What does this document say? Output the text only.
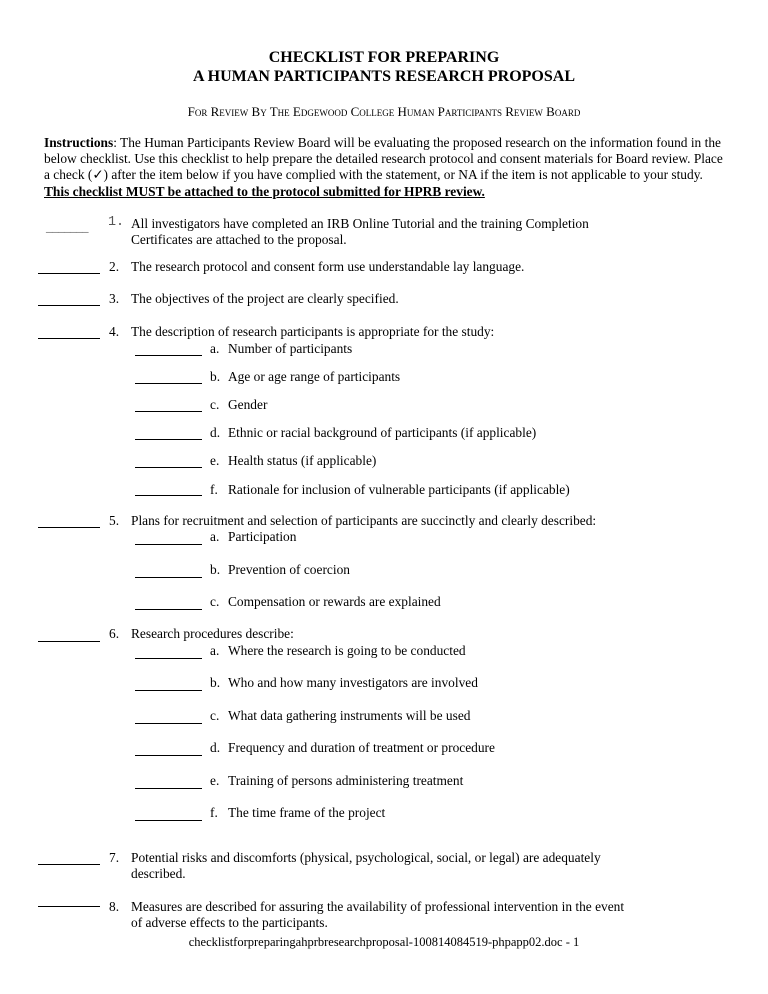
CHECKLIST FOR PREPARING
A HUMAN PARTICIPANTS RESEARCH PROPOSAL
For Review By The Edgewood College Human Participants Review Board
Instructions: The Human Participants Review Board will be evaluating the proposed research on the information found in the below checklist. Use this checklist to help prepare the detailed research protocol and consent materials for Board review. Place a check (✓) after the item below if you have complied with the statement, or NA if the item is not applicable to your study. This checklist MUST be attached to the protocol submitted for HPRB review.
_______ 1. All investigators have completed an IRB Online Tutorial and the training Completion Certificates are attached to the proposal.
2. The research protocol and consent form use understandable lay language.
3. The objectives of the project are clearly specified.
4. The description of research participants is appropriate for the study:
a. Number of participants
b. Age or age range of participants
c. Gender
d. Ethnic or racial background of participants (if applicable)
e. Health status (if applicable)
f. Rationale for inclusion of vulnerable participants (if applicable)
5. Plans for recruitment and selection of participants are succinctly and clearly described:
a. Participation
b. Prevention of coercion
c. Compensation or rewards are explained
6. Research procedures describe:
a. Where the research is going to be conducted
b. Who and how many investigators are involved
c. What data gathering instruments will be used
d. Frequency and duration of treatment or procedure
e. Training of persons administering treatment
f. The time frame of the project
7. Potential risks and discomforts (physical, psychological, social, or legal) are adequately described.
8. Measures are described for assuring the availability of professional intervention in the event of adverse effects to the participants.
checklistforpreparingahprbresearchproposal-100814084519-phpapp02.doc - 1
